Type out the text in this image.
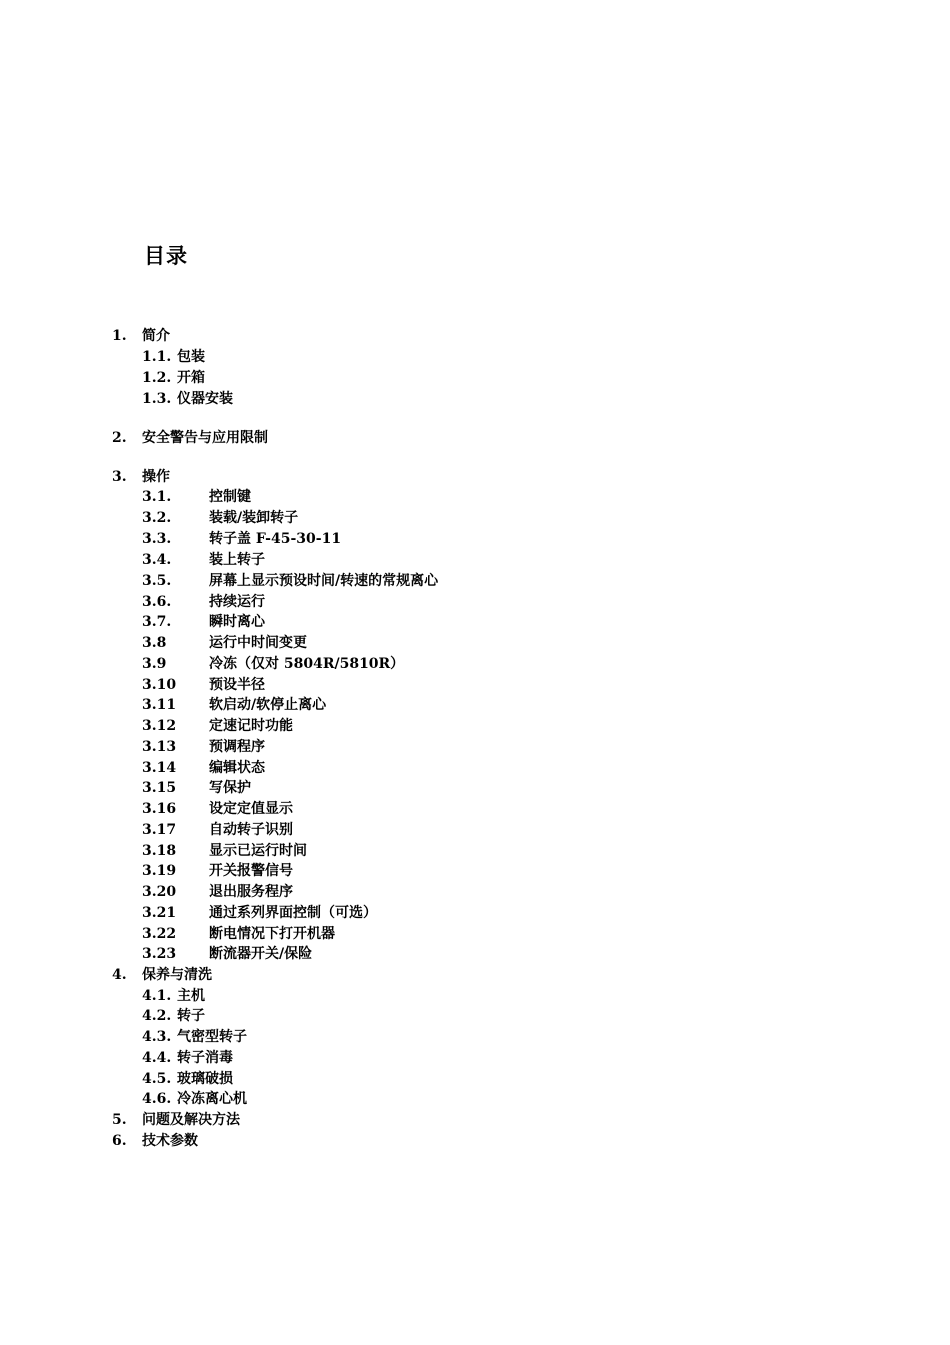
目录
1. 简介
1.1. 包装
1.2. 开箱
1.3. 仪器安装
2. 安全警告与应用限制
3. 操作
3.1.	控制键
3.2.	装载/装卸转子
3.3.	转子盖 F-45-30-11
3.4.	装上转子
3.5.	屏幕上显示预设时间/转速的常规离心
3.6.	持续运行
3.7.	瞬时离心
3.8	运行中时间变更
3.9	冷冻（仅对 5804R/5810R）
3.10 预设半径
3.11 软启动/软停止离心
3.12 定速记时功能
3.13 预调程序
3.14 编辑状态
3.15 写保护
3.16 设定定值显示
3.17 自动转子识别
3.18 显示已运行时间
3.19 开关报警信号
3.20 退出服务程序
3.21 通过系列界面控制（可选）
3.22 断电情况下打开机器
3.23 断流器开关/保险
4. 保养与清洗
4.1. 主机
4.2. 转子
4.3. 气密型转子
4.4. 转子消毒
4.5. 玻璃破损
4.6. 冷冻离心机
5. 问题及解决方法
6. 技术参数
